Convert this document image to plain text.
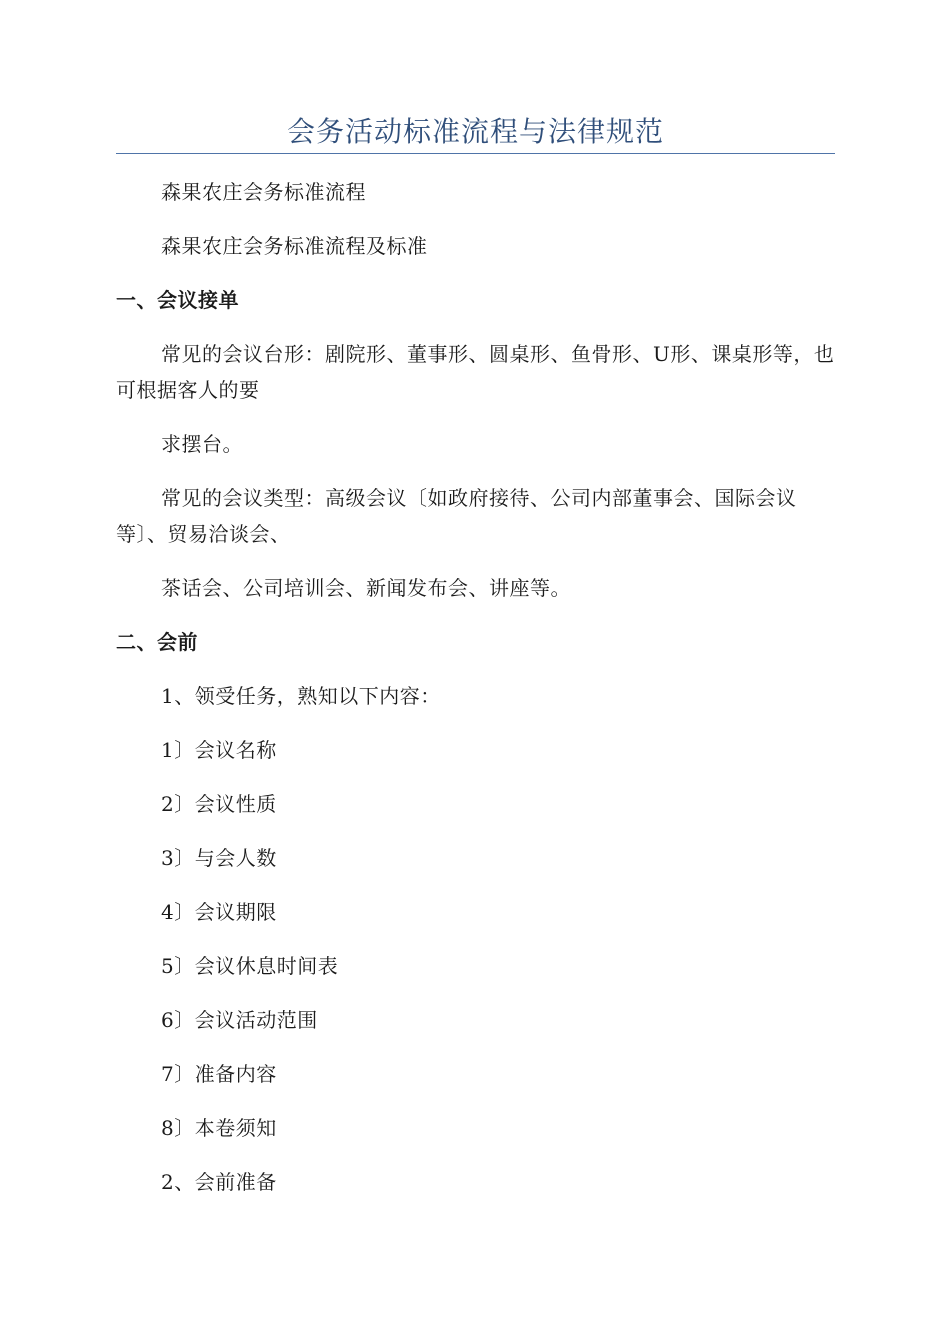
会务活动标准流程与法律规范

森果农庄会务标准流程

森果农庄会务标准流程及标准

一、会议接单

常见的会议台形：剧院形、董事形、圆桌形、鱼骨形、U形、课桌形等，也可根据客人的要

求摆台。

常见的会议类型：高级会议〔如政府接待、公司内部董事会、国际会议等〕、贸易洽谈会、

茶话会、公司培训会、新闻发布会、讲座等。

二、会前

1、领受任务，熟知以下内容：

1〕会议名称

2〕会议性质

3〕与会人数

4〕会议期限

5〕会议休息时间表

6〕会议活动范围

7〕准备内容

8〕本卷须知

2、会前准备
